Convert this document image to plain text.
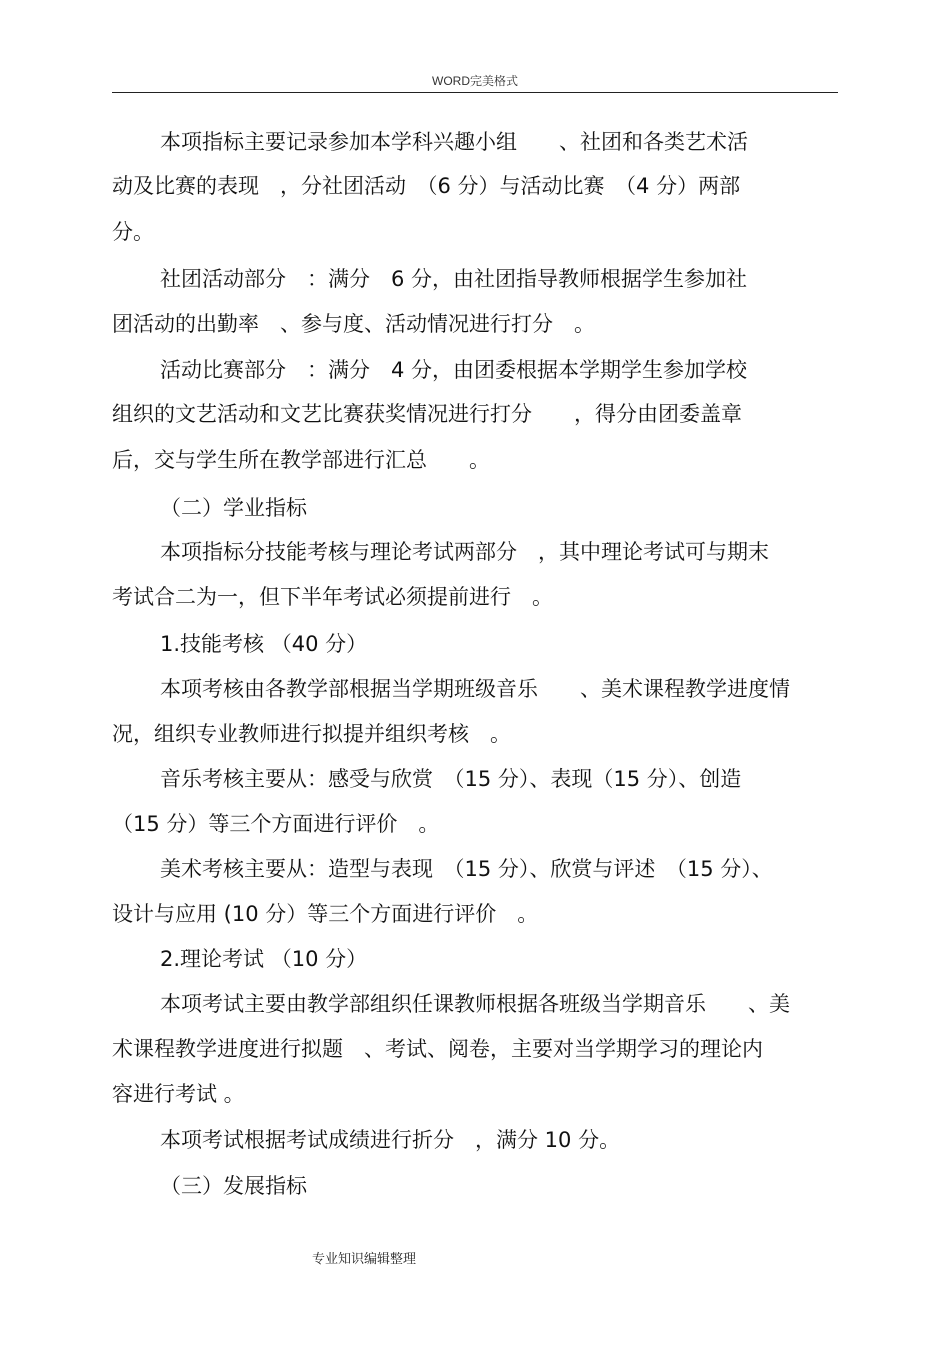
WORD完美格式
本项指标主要记录参加本学科兴趣小组　　、社团和各类艺术活
动及比赛的表现　，分社团活动　（6 分）与活动比赛　（4 分）两部
分。
社团活动部分　：满分　6 分，由社团指导教师根据学生参加社
团活动的出勤率　、参与度、活动情况进行打分　。
活动比赛部分　：满分　4 分，由团委根据本学期学生参加学校
组织的文艺活动和文艺比赛获奖情况进行打分　　，得分由团委盖章
后，交与学生所在教学部进行汇总　　。
（二）学业指标
本项指标分技能考核与理论考试两部分　，其中理论考试可与期末
考试合二为一，但下半年考试必须提前进行　。
1.技能考核 （40 分）
本项考核由各教学部根据当学期班级音乐　　、美术课程教学进度情
况，组织专业教师进行拟提并组织考核　。
音乐考核主要从：感受与欣赏　（15 分）、表现（15 分）、创造
（15 分）等三个方面进行评价　。
美术考核主要从：造型与表现　（15 分）、欣赏与评述　（15 分）、
设计与应用 (10 分）等三个方面进行评价　。
2.理论考试 （10 分）
本项考试主要由教学部组织任课教师根据各班级当学期音乐　　、美
术课程教学进度进行拟题　、考试、阅卷，主要对当学期学习的理论内
容进行考试 。
本项考试根据考试成绩进行折分　，满分 10 分。
（三）发展指标
专业知识编辑整理
